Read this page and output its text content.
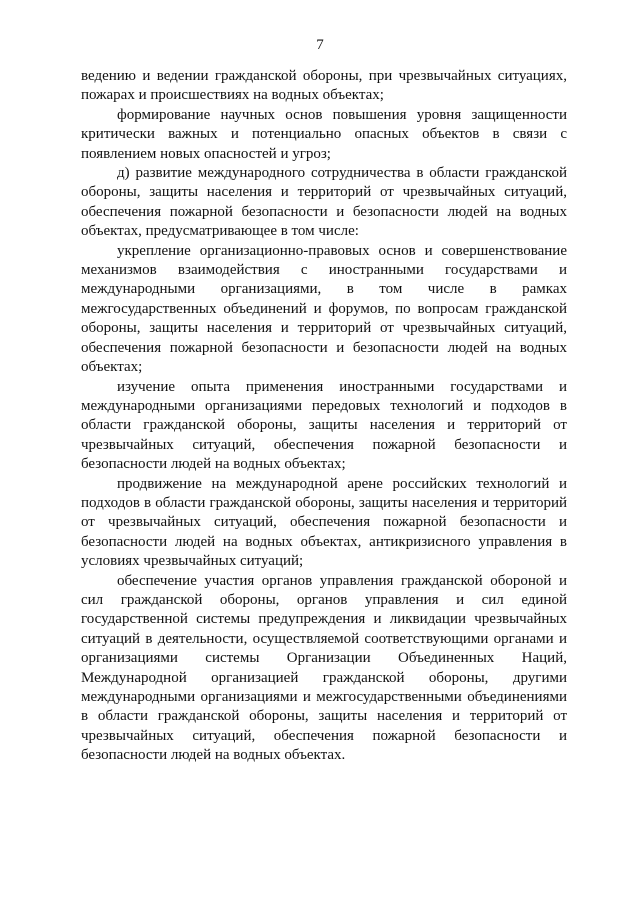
7

ведению и ведении гражданской обороны, при чрезвычайных ситуациях, пожарах и происшествиях на водных объектах;

формирование научных основ повышения уровня защищенности критически важных и потенциально опасных объектов в связи с появлением новых опасностей и угроз;

д) развитие международного сотрудничества в области гражданской обороны, защиты населения и территорий от чрезвычайных ситуаций, обеспечения пожарной безопасности и безопасности людей на водных объектах, предусматривающее в том числе:

укрепление организационно-правовых основ и совершенствование механизмов взаимодействия с иностранными государствами и международными организациями, в том числе в рамках межгосударственных объединений и форумов, по вопросам гражданской обороны, защиты населения и территорий от чрезвычайных ситуаций, обеспечения пожарной безопасности и безопасности людей на водных объектах;

изучение опыта применения иностранными государствами и международными организациями передовых технологий и подходов в области гражданской обороны, защиты населения и территорий от чрезвычайных ситуаций, обеспечения пожарной безопасности и безопасности людей на водных объектах;

продвижение на международной арене российских технологий и подходов в области гражданской обороны, защиты населения и территорий от чрезвычайных ситуаций, обеспечения пожарной безопасности и безопасности людей на водных объектах, антикризисного управления в условиях чрезвычайных ситуаций;

обеспечение участия органов управления гражданской обороной и сил гражданской обороны, органов управления и сил единой государственной системы предупреждения и ликвидации чрезвычайных ситуаций в деятельности, осуществляемой соответствующими органами и организациями системы Организации Объединенных Наций, Международной организацией гражданской обороны, другими международными организациями и межгосударственными объединениями в области гражданской обороны, защиты населения и территорий от чрезвычайных ситуаций, обеспечения пожарной безопасности и безопасности людей на водных объектах.
